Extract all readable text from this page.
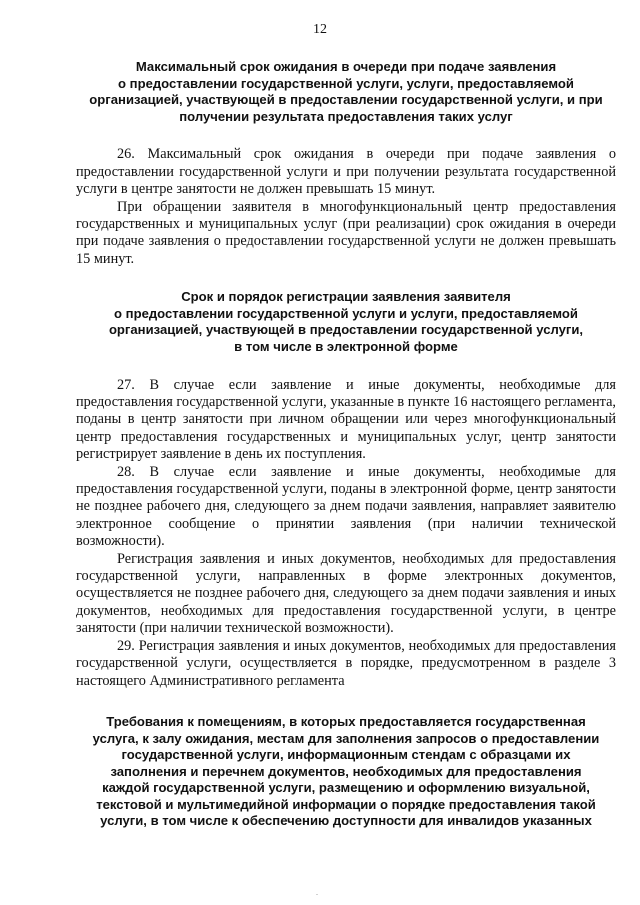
12
Максимальный срок ожидания в очереди при подаче заявления
о предоставлении государственной услуги, услуги, предоставляемой
организацией, участвующей в предоставлении государственной услуги, и при
получении результата предоставления таких услуг

26. Максимальный срок ожидания в очереди при подаче заявления о предоставлении государственной услуги и при получении результата государственной услуги в центре занятости не должен превышать 15 минут.

При обращении заявителя в многофункциональный центр предоставления государственных и муниципальных услуг (при реализации) срок ожидания в очереди при подаче заявления о предоставлении государственной услуги не должен превышать 15 минут.

Срок и порядок регистрации заявления заявителя
о предоставлении государственной услуги и услуги, предоставляемой
организацией, участвующей в предоставлении государственной услуги,
в том числе в электронной форме

27. В случае если заявление и иные документы, необходимые для предоставления государственной услуги, указанные в пункте 16 настоящего регламента, поданы в центр занятости при личном обращении или через многофункциональный центр предоставления государственных и муниципальных услуг, центр занятости регистрирует заявление в день их поступления.

28. В случае если заявление и иные документы, необходимые для предоставления государственной услуги, поданы в электронной форме, центр занятости не позднее рабочего дня, следующего за днем подачи заявления, направляет заявителю электронное сообщение о принятии заявления (при наличии технической возможности).

Регистрация заявления и иных документов, необходимых для предоставления государственной услуги, направленных в форме электронных документов, осуществляется не позднее рабочего дня, следующего за днем подачи заявления и иных документов, необходимых для предоставления государственной услуги, в центре занятости (при наличии технической возможности).

29. Регистрация заявления и иных документов, необходимых для предоставления государственной услуги, осуществляется в порядке, предусмотренном в разделе 3 настоящего Административного регламента

Требования к помещениям, в которых предоставляется государственная
услуга, к залу ожидания, местам для заполнения запросов о предоставлении
государственной услуги, информационным стендам с образцами их
заполнения и перечнем документов, необходимых для предоставления
каждой государственной услуги, размещению и оформлению визуальной,
текстовой и мультимедийной информации о порядке предоставления такой
услуги, в том числе к обеспечению доступности для инвалидов указанных
.
